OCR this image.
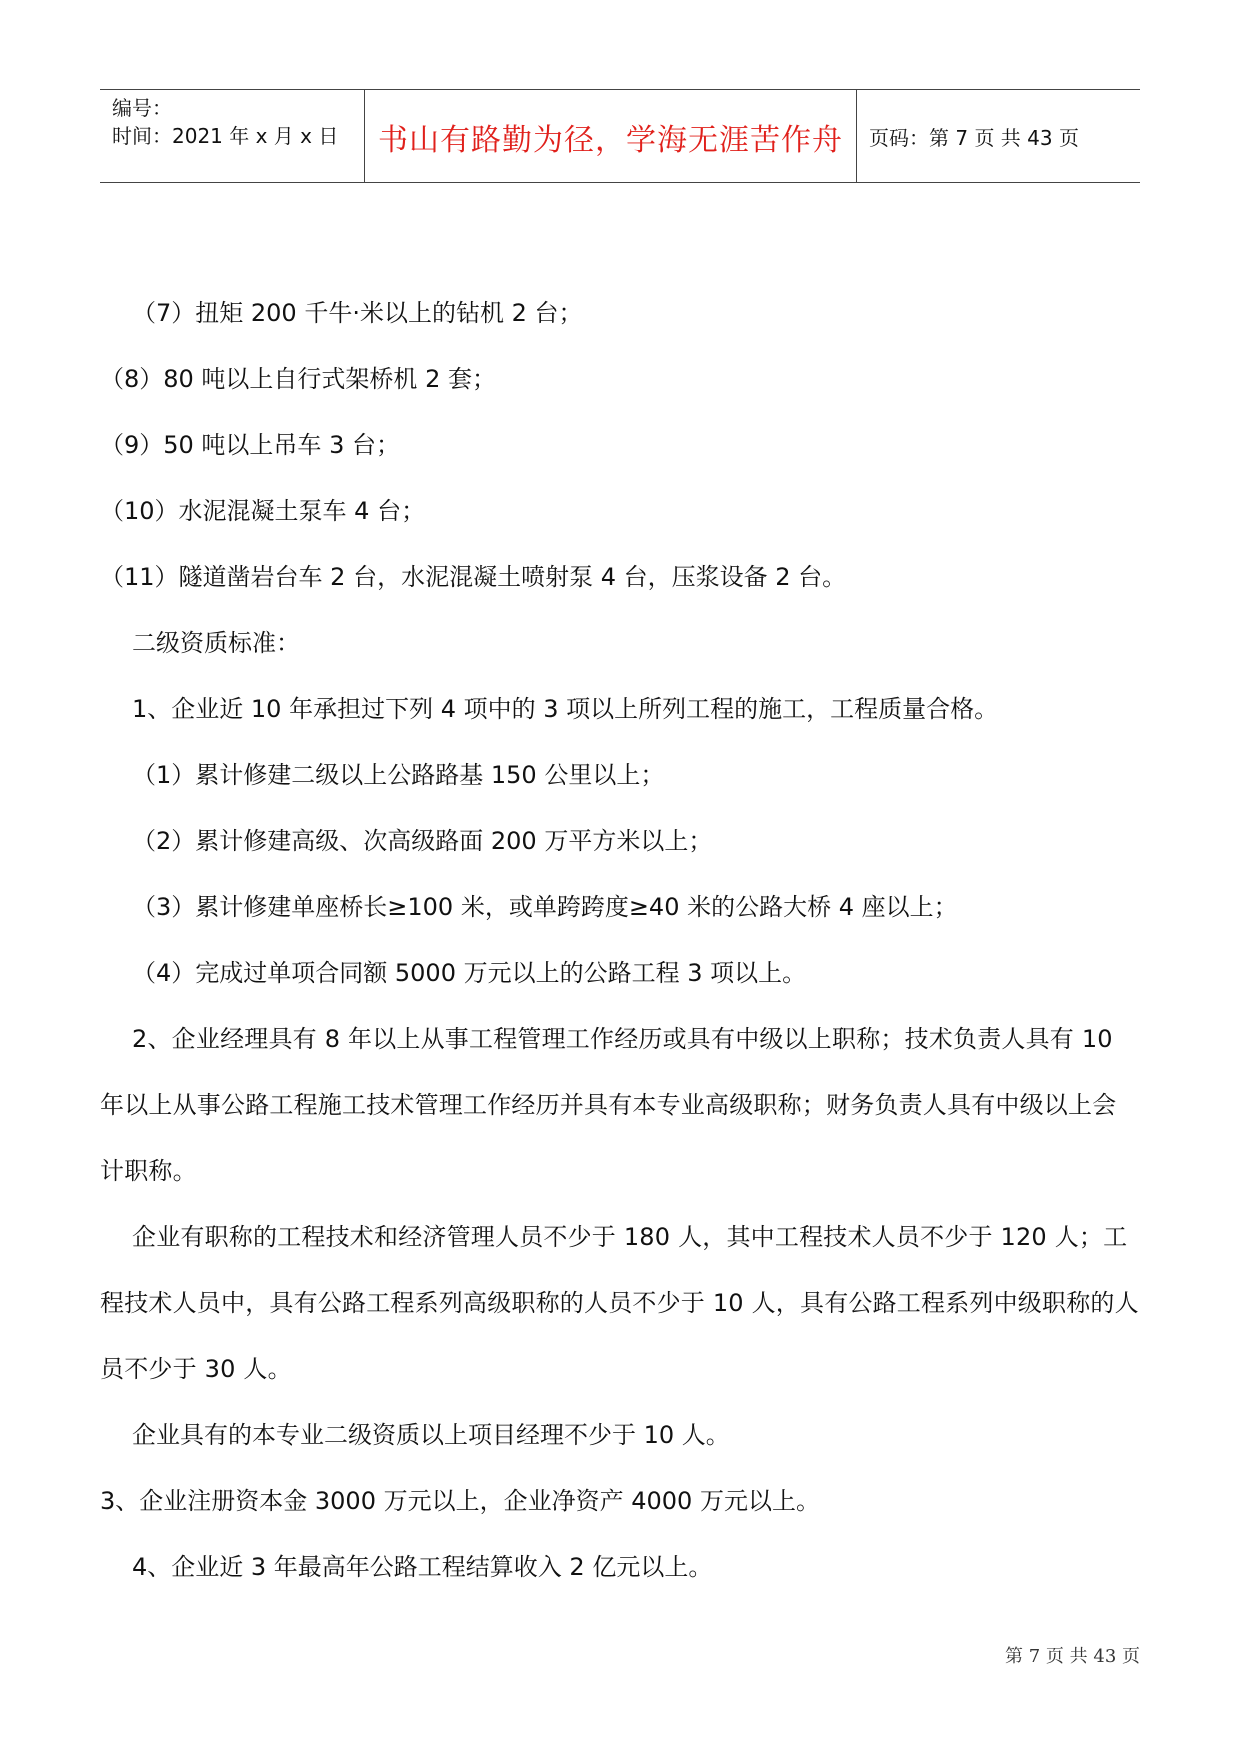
编号：
时间：2021 年 x 月 x 日	书山有路勤为径，学海无涯苦作舟	页码：第 7 页 共 43 页

（7）扭矩 200 千牛·米以上的钻机 2 台；

（8）80 吨以上自行式架桥机 2 套；

（9）50 吨以上吊车 3 台；

（10）水泥混凝土泵车 4 台；

（11）隧道凿岩台车 2 台，水泥混凝土喷射泵 4 台，压浆设备 2 台。

二级资质标准：

1、企业近 10 年承担过下列 4 项中的 3 项以上所列工程的施工，工程质量合格。

（1）累计修建二级以上公路路基 150 公里以上；

（2）累计修建高级、次高级路面 200 万平方米以上；

（3）累计修建单座桥长≥100 米，或单跨跨度≥40 米的公路大桥 4 座以上；

（4）完成过单项合同额 5000 万元以上的公路工程 3 项以上。

2、企业经理具有 8 年以上从事工程管理工作经历或具有中级以上职称；技术负责人具有 10 年以上从事公路工程施工技术管理工作经历并具有本专业高级职称；财务负责人具有中级以上会计职称。

企业有职称的工程技术和经济管理人员不少于 180 人，其中工程技术人员不少于 120 人；工程技术人员中，具有公路工程系列高级职称的人员不少于 10 人，具有公路工程系列中级职称的人员不少于 30 人。

企业具有的本专业二级资质以上项目经理不少于 10 人。

3、企业注册资本金 3000 万元以上，企业净资产 4000 万元以上。

4、企业近 3 年最高年公路工程结算收入 2 亿元以上。

第 7 页 共 43 页
